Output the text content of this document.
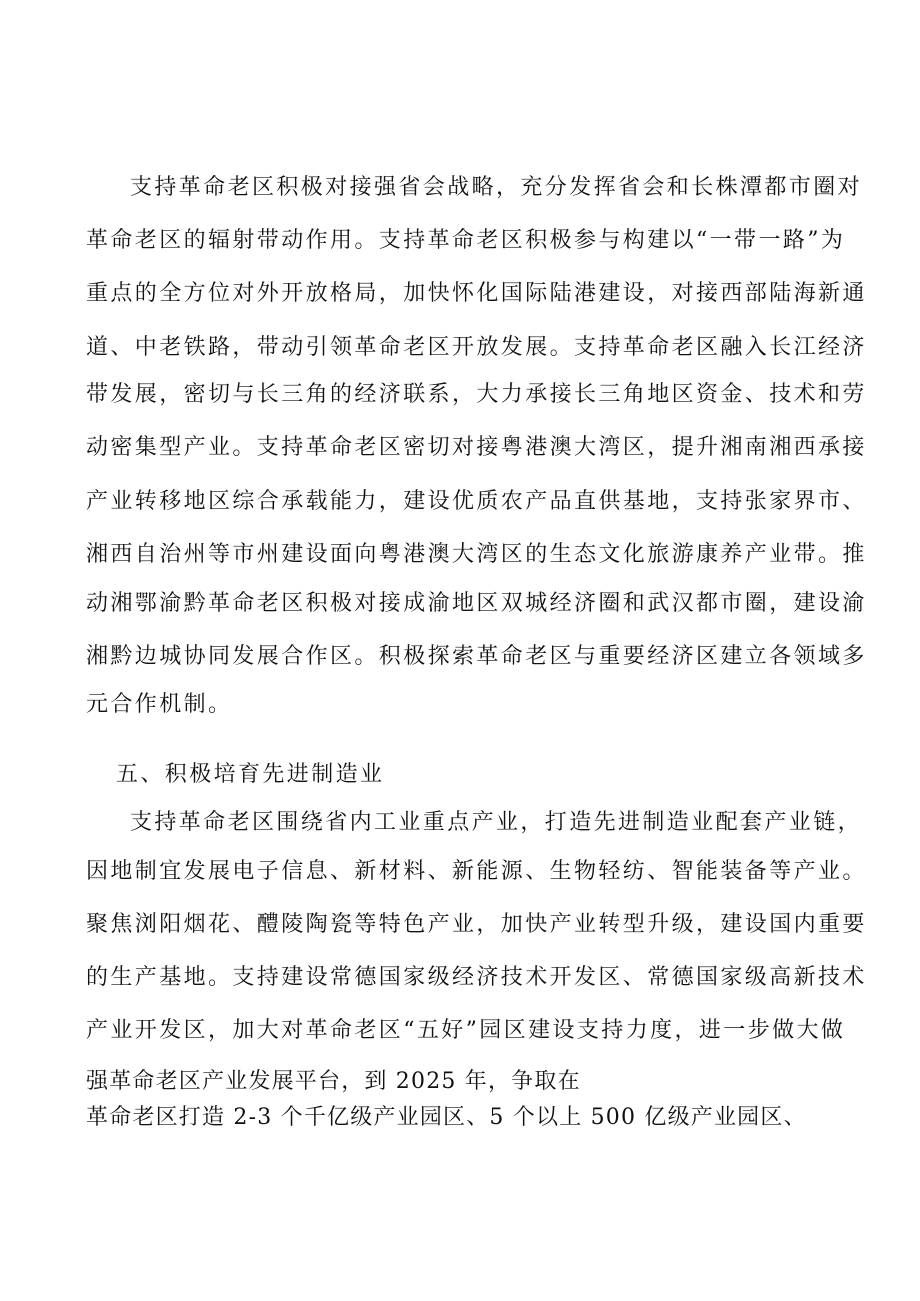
支持革命老区积极对接强省会战略，充分发挥省会和长株潭都市圈对
革命老区的辐射带动作用。支持革命老区积极参与构建以“一带一路”为
重点的全方位对外开放格局，加快怀化国际陆港建设，对接西部陆海新通
道、中老铁路，带动引领革命老区开放发展。支持革命老区融入长江经济
带发展，密切与长三角的经济联系，大力承接长三角地区资金、技术和劳
动密集型产业。支持革命老区密切对接粤港澳大湾区，提升湘南湘西承接
产业转移地区综合承载能力，建设优质农产品直供基地，支持张家界市、
湘西自治州等市州建设面向粤港澳大湾区的生态文化旅游康养产业带。推
动湘鄂渝黔革命老区积极对接成渝地区双城经济圈和武汉都市圈，建设渝
湘黔边城协同发展合作区。积极探索革命老区与重要经济区建立各领域多
元合作机制。
五、积极培育先进制造业
支持革命老区围绕省内工业重点产业，打造先进制造业配套产业链，
因地制宜发展电子信息、新材料、新能源、生物轻纺、智能装备等产业。
聚焦浏阳烟花、醴陵陶瓷等特色产业，加快产业转型升级，建设国内重要
的生产基地。支持建设常德国家级经济技术开发区、常德国家级高新技术
产业开发区，加大对革命老区“五好”园区建设支持力度，进一步做大做
强革命老区产业发展平台，到 2025 年，争取在
革命老区打造 2-3 个千亿级产业园区、5 个以上 500 亿级产业园区、
